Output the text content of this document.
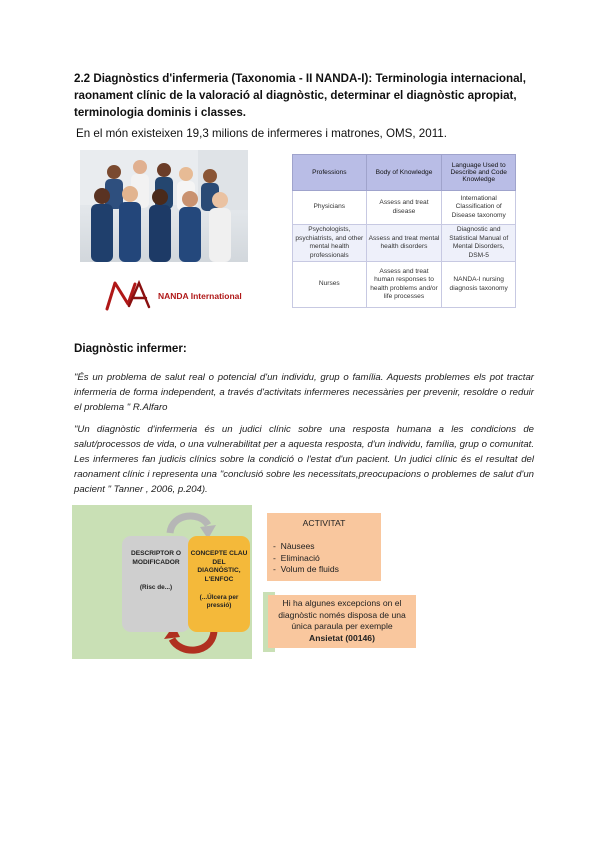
2.2 Diagnòstics d'infermeria (Taxonomia - II NANDA-I): Terminologia internacional, raonament clínic de la valoració al diagnòstic, determinar el diagnòstic apropiat, terminologia dominis i classes.
En el món existeixen 19,3 milions de infermeres i matrones, OMS, 2011.
NANDA International
Professions	Body of Knowledge	Language Used to Describe and Code Knowledge
Physicians	Assess and treat disease	International Classification of Disease taxonomy
Psychologists, psychiatrists, and other mental health professionals	Assess and treat mental health disorders	Diagnostic and Statistical Manual of Mental Disorders, DSM-5
Nurses	Assess and treat human responses to health problems and/or life processes	NANDA-I nursing diagnosis taxonomy
Diagnòstic infermer:

"És un problema de salut real o potencial d'un individu, grup o família. Aquests problemes els pot tractar infermeria de forma independent, a través d'activitats infermeres necessàries per prevenir, resoldre o reduir el problema " R.Alfaro

"Un diagnòstic d'infermeria és un judici clínic sobre una resposta humana a les condicions de salut/processos de vida, o una vulnerabilitat per a aquesta resposta, d'un individu, família, grup o comunitat. Les infermeres fan judicis clínics sobre la condició o l'estat d'un pacient. Un judici clínic és el resultat del raonament clínic i representa una "conclusió sobre les necessitats,preocupacions o problemes de salut d'un pacient " Tanner , 2006, p.204).

DESCRIPTOR O MODIFICADOR
(Risc de...)
CONCEPTE CLAU DEL DIAGNÒSTIC, L'ENFOC
(...Úlcera per pressió)
ACTIVITAT
-  Nàusees
-  Eliminació
-  Volum de fluids
Hi ha algunes excepcions on el diagnòstic només disposa de una única paraula per exemple
Ansietat (00146)
